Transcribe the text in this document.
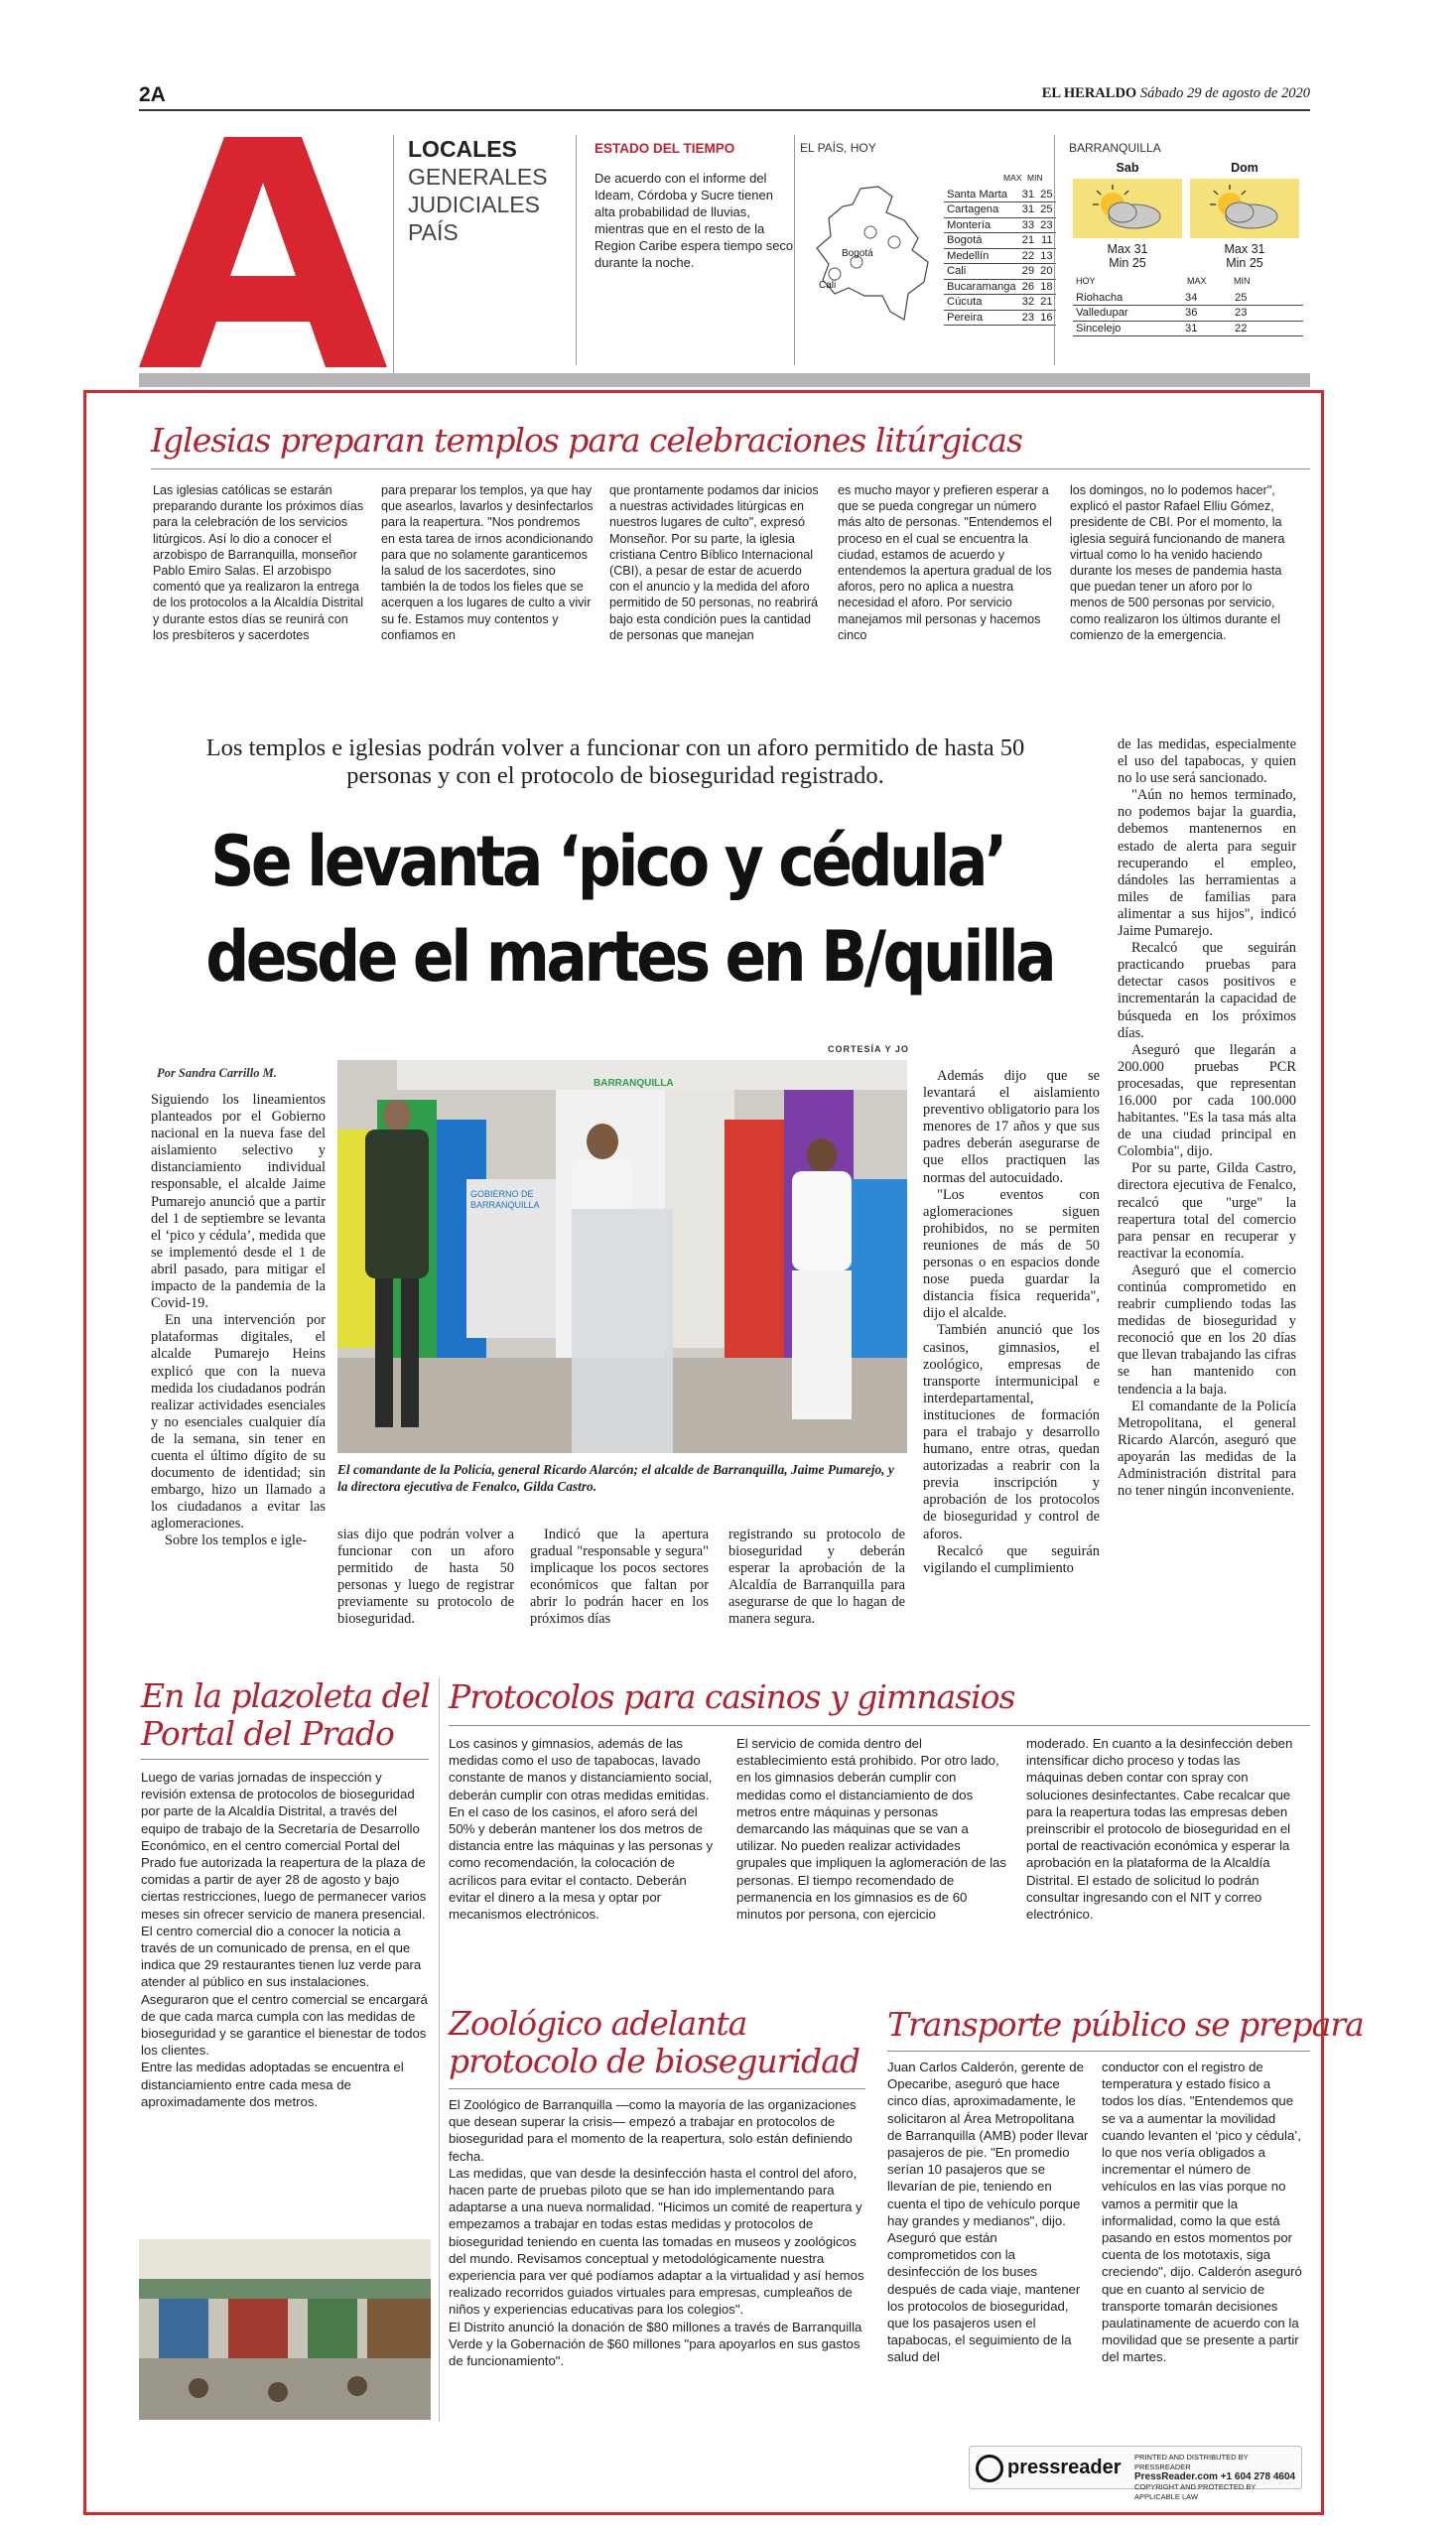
2A	EL HERALDO Sábado 29 de agosto de 2020
LOCALES
GENERALES
JUDICIALES
PAÍS
ESTADO DEL TIEMPO
De acuerdo con el informe del Ideam, Córdoba y Sucre tienen alta probabilidad de lluvias, mientras que en el resto de la Region Caribe espera tiempo seco durante la noche.
EL PAÍS, HOY
Bogotá
Cali
MAX MIN
Santa Marta	31	25
Cartagena	31	25
Montería	33	23
Bogotá	21	11
Medellín	22	13
Cali	29	20
Bucaramanga	26	18
Cúcuta	32	21
Pereira	23	16
BARRANQUILLA
Sab
Max 31
Min 25
Dom
Max 31
Min 25
HOY	MAX	MIN
Riohacha	34	25
Valledupar	36	23
Sincelejo	31	22
Iglesias preparan templos para celebraciones litúrgicas
Las iglesias católicas se estarán preparando durante los próximos días para la celebración de los servicios litúrgicos. Así lo dio a conocer el arzobispo de Barranquilla, monseñor Pablo Emiro Salas. El arzobispo comentó que ya realizaron la entrega de los protocolos a la Alcaldía Distrital y durante estos días se reunirá con los presbíteros y sacerdotes
para preparar los templos, ya que hay que asearlos, lavarlos y desinfectarlos para la reapertura. "Nos pondremos en esta tarea de irnos acondicionando para que no solamente garanticemos la salud de los sacerdotes, sino también la de todos los fieles que se acerquen a los lugares de culto a vivir su fe. Estamos muy contentos y confiamos en
que prontamente podamos dar inicios a nuestras actividades litúrgicas en nuestros lugares de culto", expresó Monseñor. Por su parte, la iglesia cristiana Centro Bíblico Internacional (CBI), a pesar de estar de acuerdo con el anuncio y la medida del aforo permitido de 50 personas, no reabrirá bajo esta condición pues la cantidad de personas que manejan
es mucho mayor y prefieren esperar a que se pueda congregar un número más alto de personas. "Entendemos el proceso en el cual se encuentra la ciudad, estamos de acuerdo y entendemos la apertura gradual de los aforos, pero no aplica a nuestra necesidad el aforo. Por servicio manejamos mil personas y hacemos cinco
los domingos, no lo podemos hacer", explicó el pastor Rafael Elliu Gómez, presidente de CBI. Por el momento, la iglesia seguirá funcionando de manera virtual como lo ha venido haciendo durante los meses de pandemia hasta que puedan tener un aforo por lo menos de 500 personas por servicio, como realizaron los últimos durante el comienzo de la emergencia.
Los templos e iglesias podrán volver a funcionar con un aforo permitido de hasta 50 personas y con el protocolo de bioseguridad registrado.
Se levanta ‘pico y cédula’
desde el martes en B/quilla
CORTESÍA Y JO
Por Sandra Carrillo M.
BARRANQUILLA
GOBIERNO DE BARRANQUILLA
El comandante de la Policía, general Ricardo Alarcón; el alcalde de Barranquilla, Jaime Pumarejo, y la directora ejecutiva de Fenalco, Gilda Castro.

Siguiendo los lineamientos planteados por el Gobierno nacional en la nueva fase del aislamiento selectivo y distanciamiento individual responsable, el alcalde Jaime Pumarejo anunció que a partir del 1 de septiembre se levanta el ‘pico y cédula’, medida que se implementó desde el 1 de abril pasado, para mitigar el impacto de la pandemia de la Covid-19.

En una intervención por plataformas digitales, el alcalde Pumarejo Heins explicó que con la nueva medida los ciudadanos podrán realizar actividades esenciales y no esenciales cualquier día de la semana, sin tener en cuenta el último dígito de su documento de identidad; sin embargo, hizo un llamado a los ciudadanos a evitar las aglomeraciones.

Sobre los templos e igle-	sias dijo que podrán volver a funcionar con un aforo permitido de hasta 50 personas y luego de registrar previamente su protocolo de bioseguridad.

Indicó que la apertura gradual "responsable y segura" implicaque los pocos sectores económicos que faltan por abrir lo podrán hacer en los próximos días

registrando su protocolo de bioseguridad y deberán esperar la aprobación de la Alcaldía de Barranquilla para asegurarse de que lo hagan de manera segura.

Además dijo que se levantará el aislamiento preventivo obligatorio para los menores de 17 años y que sus padres deberán asegurarse de que ellos practiquen las normas del autocuidado.

"Los eventos con aglomeraciones siguen prohibidos, no se permiten reuniones de más de 50 personas o en espacios donde nose pueda guardar la distancia física requerida", dijo el alcalde.

También anunció que los casinos, gimnasios, el zoológico, empresas de transporte intermunicipal e interdepartamental, instituciones de formación para el trabajo y desarrollo humano, entre otras, quedan autorizadas a reabrir con la previa inscripción y aprobación de los protocolos de bioseguridad y control de aforos.

Recalcó que seguirán vigilando el cumplimiento

de las medidas, especialmente el uso del tapabocas, y quien no lo use será sancionado.

"Aún no hemos terminado, no podemos bajar la guardia, debemos mantenernos en estado de alerta para seguir recuperando el empleo, dándoles las herramientas a miles de familias para alimentar a sus hijos", indicó Jaime Pumarejo.

Recalcó que seguirán practicando pruebas para detectar casos positivos e incrementarán la capacidad de búsqueda en los próximos días.

Aseguró que llegarán a 200.000 pruebas PCR procesadas, que representan 16.000 por cada 100.000 habitantes. "Es la tasa más alta de una ciudad principal en Colombia", dijo.

Por su parte, Gilda Castro, directora ejecutiva de Fenalco, recalcó que "urge" la reapertura total del comercio para pensar en recuperar y reactivar la economía.

Aseguró que el comercio continúa comprometido en reabrir cumpliendo todas las medidas de bioseguridad y reconoció que en los 20 días que llevan trabajando las cifras se han mantenido con tendencia a la baja.

El comandante de la Policía Metropolitana, el general Ricardo Alarcón, aseguró que apoyarán las medidas de la Administración distrital para no tener ningún inconveniente.

En la plazoleta del
Portal del Prado

Luego de varias jornadas de inspección y revisión extensa de protocolos de bioseguridad por parte de la Alcaldía Distrital, a través del equipo de trabajo de la Secretaría de Desarrollo Económico, en el centro comercial Portal del Prado fue autorizada la reapertura de la plaza de comidas a partir de ayer 28 de agosto y bajo ciertas restricciones, luego de permanecer varios meses sin ofrecer servicio de manera presencial.

El centro comercial dio a conocer la noticia a través de un comunicado de prensa, en el que indica que 29 restaurantes tienen luz verde para atender al público en sus instalaciones. Aseguraron que el centro comercial se encargará de que cada marca cumpla con las medidas de bioseguridad y se garantice el bienestar de todos los clientes.

Entre las medidas adoptadas se encuentra el distanciamiento entre cada mesa de aproximadamente dos metros.

Protocolos para casinos y gimnasios
Los casinos y gimnasios, además de las medidas como el uso de tapabocas, lavado constante de manos y distanciamiento social, deberán cumplir con otras medidas emitidas. En el caso de los casinos, el aforo será del 50% y deberán mantener los dos metros de distancia entre las máquinas y las personas y como recomendación, la colocación de acrílicos para evitar el contacto. Deberán evitar el dinero a la mesa y optar por mecanismos electrónicos.
El servicio de comida dentro del establecimiento está prohibido. Por otro lado, en los gimnasios deberán cumplir con medidas como el distanciamiento de dos metros entre máquinas y personas demarcando las máquinas que se van a utilizar. No pueden realizar actividades grupales que impliquen la aglomeración de las personas. El tiempo recomendado de permanencia en los gimnasios es de 60 minutos por persona, con ejercicio
moderado. En cuanto a la desinfección deben intensificar dicho proceso y todas las máquinas deben contar con spray con soluciones desinfectantes. Cabe recalcar que para la reapertura todas las empresas deben preinscribir el protocolo de bioseguridad en el portal de reactivación económica y esperar la aprobación en la plataforma de la Alcaldía Distrital. El estado de solicitud lo podrán consultar ingresando con el NIT y correo electrónico.
Zoológico adelanta
protocolo de bioseguridad

El Zoológico de Barranquilla —como la mayoría de las organizaciones que desean superar la crisis— empezó a trabajar en protocolos de bioseguridad para el momento de la reapertura, solo están definiendo fecha.

Las medidas, que van desde la desinfección hasta el control del aforo, hacen parte de pruebas piloto que se han ido implementando para adaptarse a una nueva normalidad. "Hicimos un comité de reapertura y empezamos a trabajar en todas estas medidas y protocolos de bioseguridad teniendo en cuenta las tomadas en museos y zoológicos del mundo. Revisamos conceptual y metodológicamente nuestra experiencia para ver qué podíamos adaptar a la virtualidad y así hemos realizado recorridos guiados virtuales para empresas, cumpleaños de niños y experiencias educativas para los colegios".

El Distrito anunció la donación de $80 millones a través de Barranquilla Verde y la Gobernación de $60 millones "para apoyarlos en sus gastos de funcionamiento".

Transporte público se prepara
Juan Carlos Calderón, gerente de Opecaribe, aseguró que hace cinco días, aproximadamente, le solicitaron al Área Metropolitana de Barranquilla (AMB) poder llevar pasajeros de pie. "En promedio serían 10 pasajeros que se llevarían de pie, teniendo en cuenta el tipo de vehículo porque hay grandes y medianos", dijo. Aseguró que están comprometidos con la desinfección de los buses después de cada viaje, mantener los protocolos de bioseguridad, que los pasajeros usen el tapabocas, el seguimiento de la salud del
conductor con el registro de temperatura y estado físico a todos los días. "Entendemos que se va a aumentar la movilidad cuando levanten el ‘pico y cédula’, lo que nos vería obligados a incrementar el número de vehículos en las vías porque no vamos a permitir que la informalidad, como la que está pasando en estos momentos por cuenta de los mototaxis, siga creciendo", dijo. Calderón aseguró que en cuanto al servicio de transporte tomarán decisiones paulatinamente de acuerdo con la movilidad que se presente a partir del martes.
pressreader PRINTED AND DISTRIBUTED BY PRESSREADER
PressReader.com +1 604 278 4604
COPYRIGHT AND PROTECTED BY APPLICABLE LAW
